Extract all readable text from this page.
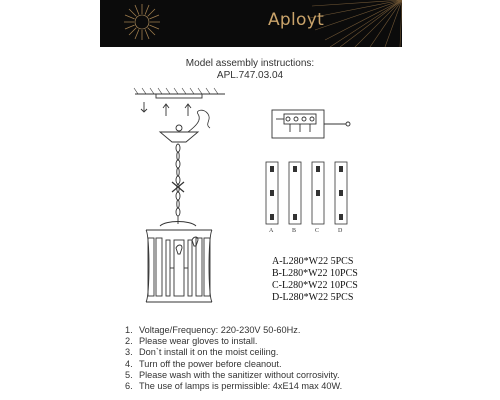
Aployt
Model assembly instructions:
APL.747.03.04
A	B	C	D
A-L280*W22 5PCS
B-L280*W22 10PCS
C-L280*W22 10PCS
D-L280*W22 5PCS
1. Voltage/Frequency: 220-230V 50-60Hz.
2. Please wear gloves to install.
3. Don`t install it on the moist ceiling.
4. Turn off the power before cleanout.
5. Please wash with the sanitizer without corrosivity.
6. The use of lamps is permissible: 4xE14 max 40W.
